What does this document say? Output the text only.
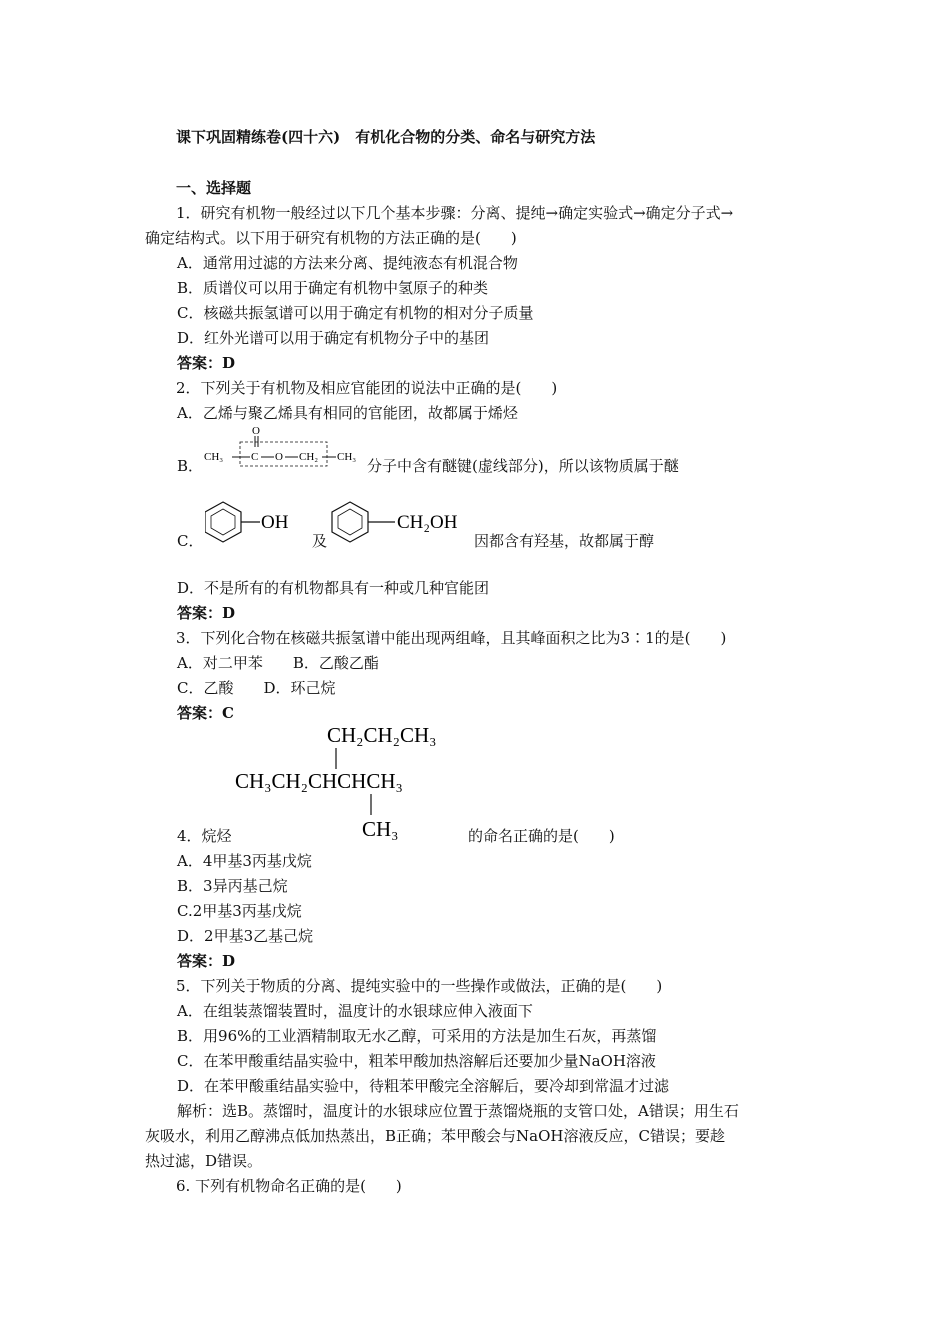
课下巩固精练卷(四十六)　有机化合物的分类、命名与研究方法
一、选择题
1．研究有机物一般经过以下几个基本步骤：分离、提纯→确定实验式→确定分子式→
确定结构式。以下用于研究有机物的方法正确的是(　　)
A．通常用过滤的方法来分离、提纯液态有机混合物
B．质谱仪可以用于确定有机物中氢原子的种类
C．核磁共振氢谱可以用于确定有机物的相对分子质量
D．红外光谱可以用于确定有机物分子中的基团
答案：D
2．下列关于有机物及相应官能团的说法中正确的是(　　)
A．乙烯与聚乙烯具有相同的官能团，故都属于烯烃
B．
O
CH₃	C O CH₂ CH₃ 分子中含有醚键(虚线部分)，所以该物质属于醚
C．
OH	CH₂OH
及	因都含有羟基，故都属于醇
D．不是所有的有机物都具有一种或几种官能团
答案：D
3．下列化合物在核磁共振氢谱中能出现两组峰，且其峰面积之比为3∶1的是(　　)
A．对二甲苯　　B．乙酸乙酯
C．乙酸　　D．环己烷
答案：C
CH₂CH₂CH₃
CH₃CH₂CHCHCH₃
CH₃
4．烷烃	的命名正确的是(　　)
A．4甲基3丙基戊烷
B．3异丙基己烷
C.2甲基3丙基戊烷
D．2甲基3乙基己烷
答案：D
5．下列关于物质的分离、提纯实验中的一些操作或做法，正确的是(　　)
A．在组装蒸馏装置时，温度计的水银球应伸入液面下
B．用96%的工业酒精制取无水乙醇，可采用的方法是加生石灰，再蒸馏
C．在苯甲酸重结晶实验中，粗苯甲酸加热溶解后还要加少量NaOH溶液
D．在苯甲酸重结晶实验中，待粗苯甲酸完全溶解后，要冷却到常温才过滤
解析：选B。蒸馏时，温度计的水银球应位置于蒸馏烧瓶的支管口处，A错误；用生石
灰吸水，利用乙醇沸点低加热蒸出，B正确；苯甲酸会与NaOH溶液反应，C错误；要趁
热过滤，D错误。
6. 下列有机物命名正确的是(　　)
